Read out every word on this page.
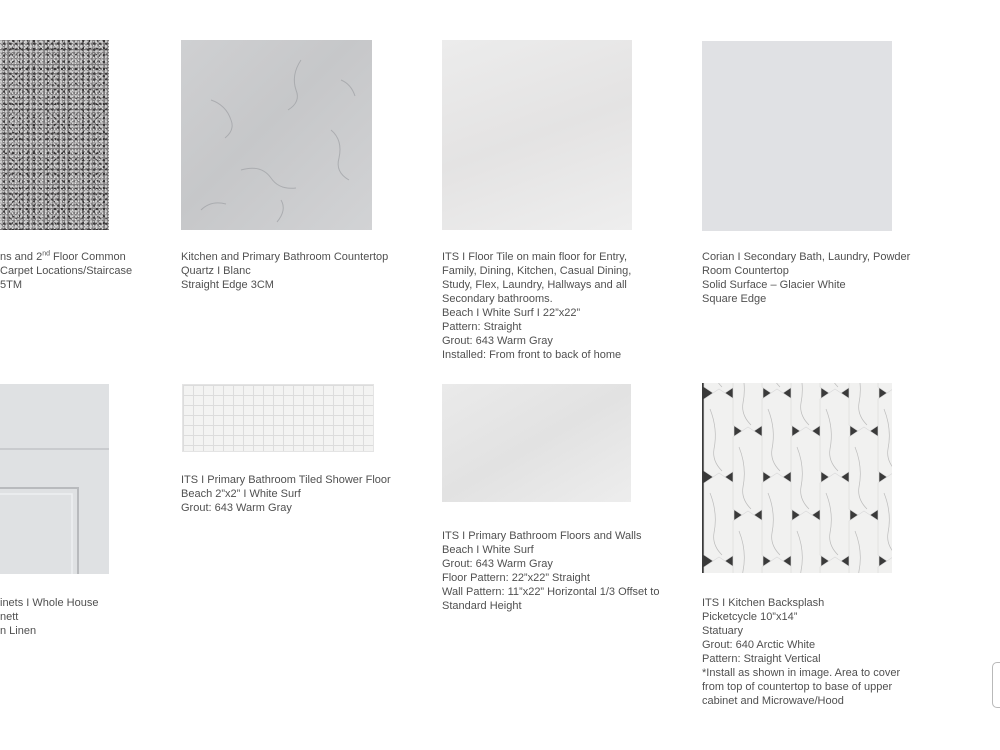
ns and 2nd Floor Common
Carpet Locations/Staircase
5TM
Kitchen and Primary Bathroom Countertop
Quartz I Blanc
Straight Edge 3CM
ITS I Floor Tile on main floor for Entry,
Family, Dining, Kitchen, Casual Dining,
Study, Flex, Laundry, Hallways and all
Secondary bathrooms.
Beach I White Surf I 22”x22”
Pattern: Straight
Grout: 643 Warm Gray
Installed: From front to back of home
Corian I Secondary Bath, Laundry, Powder
Room Countertop
Solid Surface – Glacier White
Square Edge
inets I Whole House
nett
n Linen
ITS I Primary Bathroom Tiled Shower Floor
Beach 2”x2” I White Surf
Grout: 643 Warm Gray
ITS I Primary Bathroom Floors and Walls
Beach I White Surf
Grout: 643 Warm Gray
Floor Pattern: 22”x22” Straight
Wall Pattern: 11”x22” Horizontal 1/3 Offset to
Standard Height	ITS I Kitchen Backsplash
Picketcycle 10”x14”
Statuary
Grout: 640 Arctic White
Pattern: Straight Vertical
*Install as shown in image. Area to cover
from top of countertop to base of upper
cabinet and Microwave/Hood
